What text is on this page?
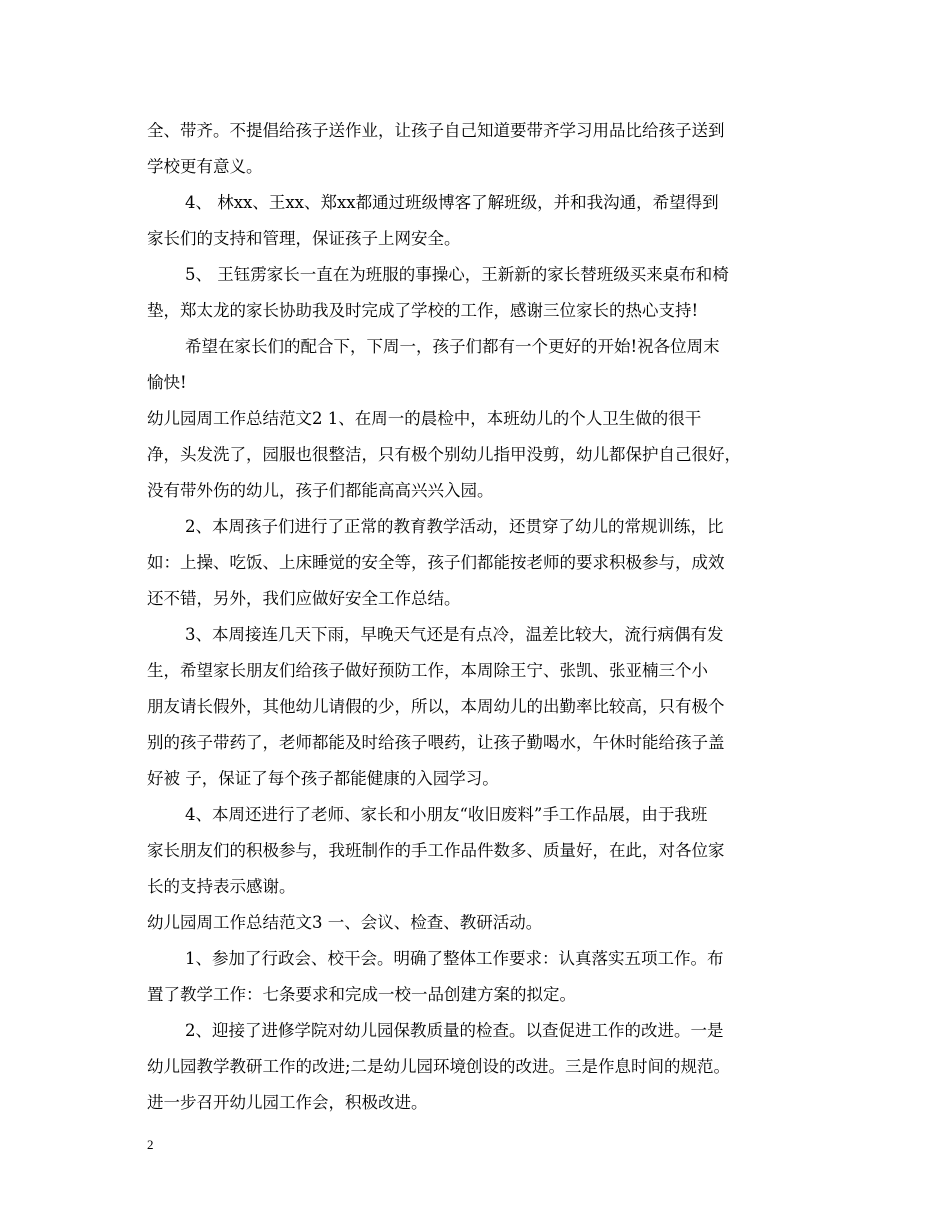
全、带齐。不提倡给孩子送作业，让孩子自己知道要带齐学习用品比给孩子送到
学校更有意义。
4、 林xx、王xx、郑xx都通过班级博客了解班级，并和我沟通，希望得到
家长们的支持和管理，保证孩子上网安全。
5、 王钰雳家长一直在为班服的事操心，王新新的家长替班级买来桌布和椅
垫，郑太龙的家长协助我及时完成了学校的工作，感谢三位家长的热心支持!
希望在家长们的配合下，下周一，孩子们都有一个更好的开始!祝各位周末
愉快!
幼儿园周工作总结范文2 1、在周一的晨检中，本班幼儿的个人卫生做的很干
净，头发洗了，园服也很整洁，只有极个别幼儿指甲没剪，幼儿都保护自己很好，
没有带外伤的幼儿，孩子们都能高高兴兴入园。
2、本周孩子们进行了正常的教育教学活动，还贯穿了幼儿的常规训练，比
如：上操、吃饭、上床睡觉的安全等，孩子们都能按老师的要求积极参与，成效
还不错，另外，我们应做好安全工作总结。
3、本周接连几天下雨，早晚天气还是有点冷，温差比较大，流行病偶有发
生，希望家长朋友们给孩子做好预防工作，本周除王宁、张凯、张亚楠三个小
朋友请长假外，其他幼儿请假的少，所以，本周幼儿的出勤率比较高，只有极个
别的孩子带药了，老师都能及时给孩子喂药，让孩子勤喝水，午休时能给孩子盖
好被 子，保证了每个孩子都能健康的入园学习。
4、本周还进行了老师、家长和小朋友“收旧废料”手工作品展，由于我班
家长朋友们的积极参与，我班制作的手工作品件数多、质量好，在此，对各位家
长的支持表示感谢。
幼儿园周工作总结范文3 一、会议、检查、教研活动。
1、参加了行政会、校干会。明确了整体工作要求：认真落实五项工作。布
置了教学工作：七条要求和完成一校一品创建方案的拟定。
2、迎接了进修学院对幼儿园保教质量的检查。以查促进工作的改进。一是
幼儿园教学教研工作的改进;二是幼儿园环境创设的改进。三是作息时间的规范。
进一步召开幼儿园工作会，积极改进。
2
